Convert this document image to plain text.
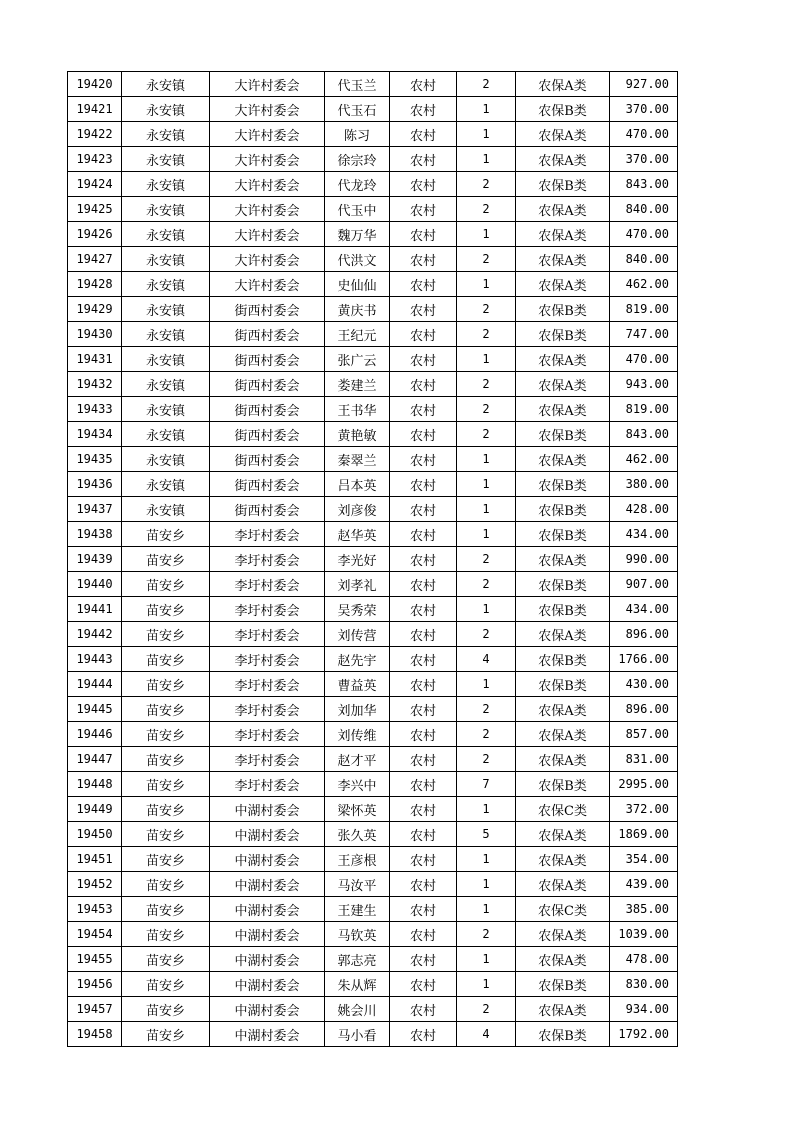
19420	永安镇	大许村委会	代玉兰	农村	2	农保A类	927.00
19421	永安镇	大许村委会	代玉石	农村	1	农保B类	370.00
19422	永安镇	大许村委会	陈习	农村	1	农保A类	470.00
19423	永安镇	大许村委会	徐宗玲	农村	1	农保A类	370.00
19424	永安镇	大许村委会	代龙玲	农村	2	农保B类	843.00
19425	永安镇	大许村委会	代玉中	农村	2	农保A类	840.00
19426	永安镇	大许村委会	魏万华	农村	1	农保A类	470.00
19427	永安镇	大许村委会	代洪文	农村	2	农保A类	840.00
19428	永安镇	大许村委会	史仙仙	农村	1	农保A类	462.00
19429	永安镇	街西村委会	黄庆书	农村	2	农保B类	819.00
19430	永安镇	街西村委会	王纪元	农村	2	农保B类	747.00
19431	永安镇	街西村委会	张广云	农村	1	农保A类	470.00
19432	永安镇	街西村委会	娄建兰	农村	2	农保A类	943.00
19433	永安镇	街西村委会	王书华	农村	2	农保A类	819.00
19434	永安镇	街西村委会	黄艳敏	农村	2	农保B类	843.00
19435	永安镇	街西村委会	秦翠兰	农村	1	农保A类	462.00
19436	永安镇	街西村委会	吕本英	农村	1	农保B类	380.00
19437	永安镇	街西村委会	刘彦俊	农村	1	农保B类	428.00
19438	苗安乡	李圩村委会	赵华英	农村	1	农保B类	434.00
19439	苗安乡	李圩村委会	李光好	农村	2	农保A类	990.00
19440	苗安乡	李圩村委会	刘孝礼	农村	2	农保B类	907.00
19441	苗安乡	李圩村委会	吴秀荣	农村	1	农保B类	434.00
19442	苗安乡	李圩村委会	刘传营	农村	2	农保A类	896.00
19443	苗安乡	李圩村委会	赵先宇	农村	4	农保B类	1766.00
19444	苗安乡	李圩村委会	曹益英	农村	1	农保B类	430.00
19445	苗安乡	李圩村委会	刘加华	农村	2	农保A类	896.00
19446	苗安乡	李圩村委会	刘传维	农村	2	农保A类	857.00
19447	苗安乡	李圩村委会	赵才平	农村	2	农保A类	831.00
19448	苗安乡	李圩村委会	李兴中	农村	7	农保B类	2995.00
19449	苗安乡	中湖村委会	梁怀英	农村	1	农保C类	372.00
19450	苗安乡	中湖村委会	张久英	农村	5	农保A类	1869.00
19451	苗安乡	中湖村委会	王彦根	农村	1	农保A类	354.00
19452	苗安乡	中湖村委会	马汝平	农村	1	农保A类	439.00
19453	苗安乡	中湖村委会	王建生	农村	1	农保C类	385.00
19454	苗安乡	中湖村委会	马钦英	农村	2	农保A类	1039.00
19455	苗安乡	中湖村委会	郭志亮	农村	1	农保A类	478.00
19456	苗安乡	中湖村委会	朱从辉	农村	1	农保B类	830.00
19457	苗安乡	中湖村委会	姚会川	农村	2	农保A类	934.00
19458	苗安乡	中湖村委会	马小看	农村	4	农保B类	1792.00
